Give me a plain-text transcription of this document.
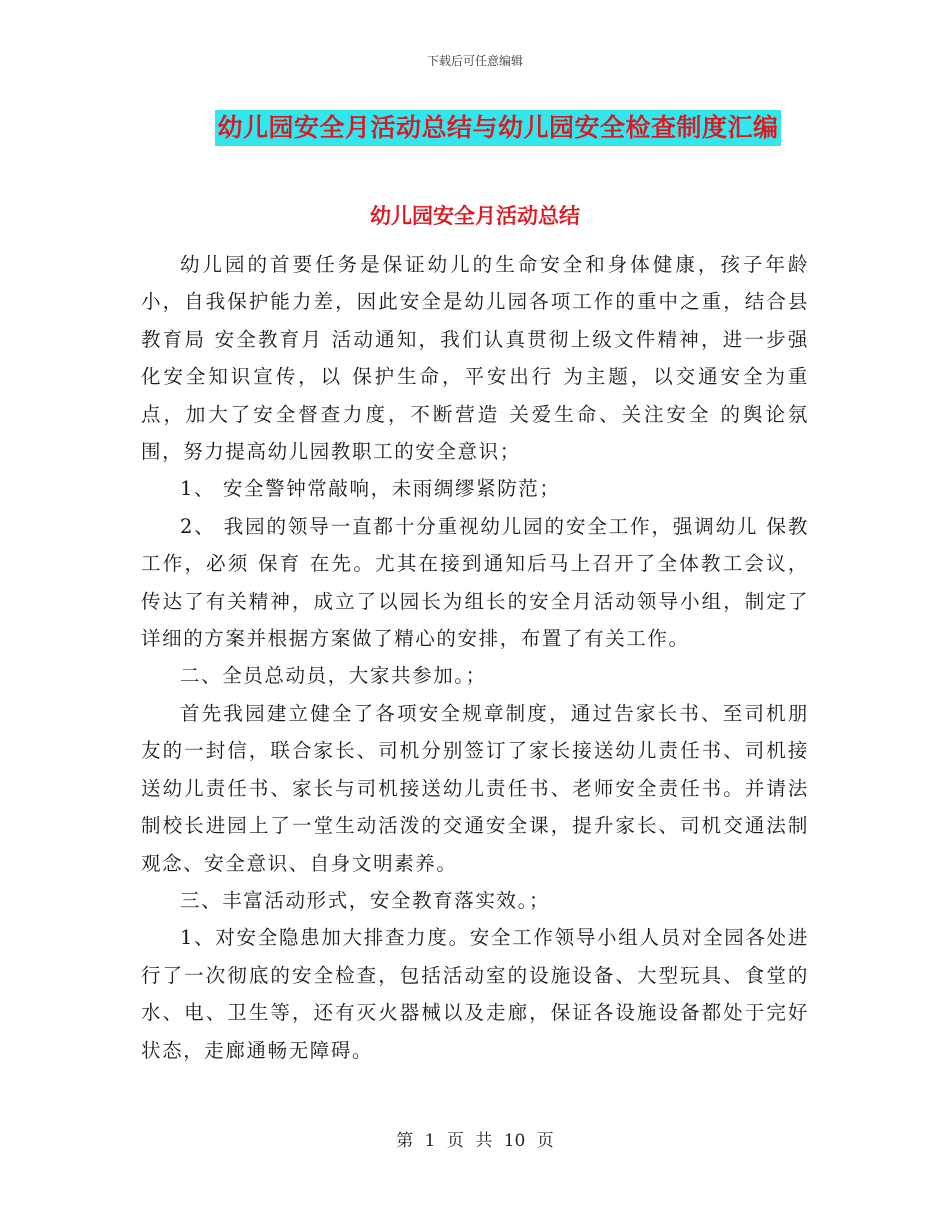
下载后可任意编辑
幼儿园安全月活动总结与幼儿园安全检查制度汇编
幼儿园安全月活动总结

幼儿园的首要任务是保证幼儿的生命安全和身体健康，孩子年龄小，自我保护能力差，因此安全是幼儿园各项工作的重中之重，结合县教育局 安全教育月 活动通知，我们认真贯彻上级文件精神，进一步强化安全知识宣传，以 保护生命，平安出行 为主题，以交通安全为重点，加大了安全督查力度，不断营造 关爱生命、关注安全 的舆论氛围，努力提高幼儿园教职工的安全意识；

1、 安全警钟常敲响，未雨绸缪紧防范；

2、 我园的领导一直都十分重视幼儿园的安全工作，强调幼儿 保教 工作，必须 保育 在先。尤其在接到通知后马上召开了全体教工会议，传达了有关精神，成立了以园长为组长的安全月活动领导小组，制定了详细的方案并根据方案做了精心的安排，布置了有关工作。

二、全员总动员，大家共参加。；

首先我园建立健全了各项安全规章制度，通过告家长书、至司机朋友的一封信，联合家长、司机分别签订了家长接送幼儿责任书、司机接送幼儿责任书、家长与司机接送幼儿责任书、老师安全责任书。并请法制校长进园上了一堂生动活泼的交通安全课，提升家长、司机交通法制观念、安全意识、自身文明素养。

三、丰富活动形式，安全教育落实效。；

1、对安全隐患加大排查力度。安全工作领导小组人员对全园各处进行了一次彻底的安全检查，包括活动室的设施设备、大型玩具、食堂的水、电、卫生等，还有灭火器械以及走廊，保证各设施设备都处于完好状态，走廊通畅无障碍。

第 1 页 共 10 页
